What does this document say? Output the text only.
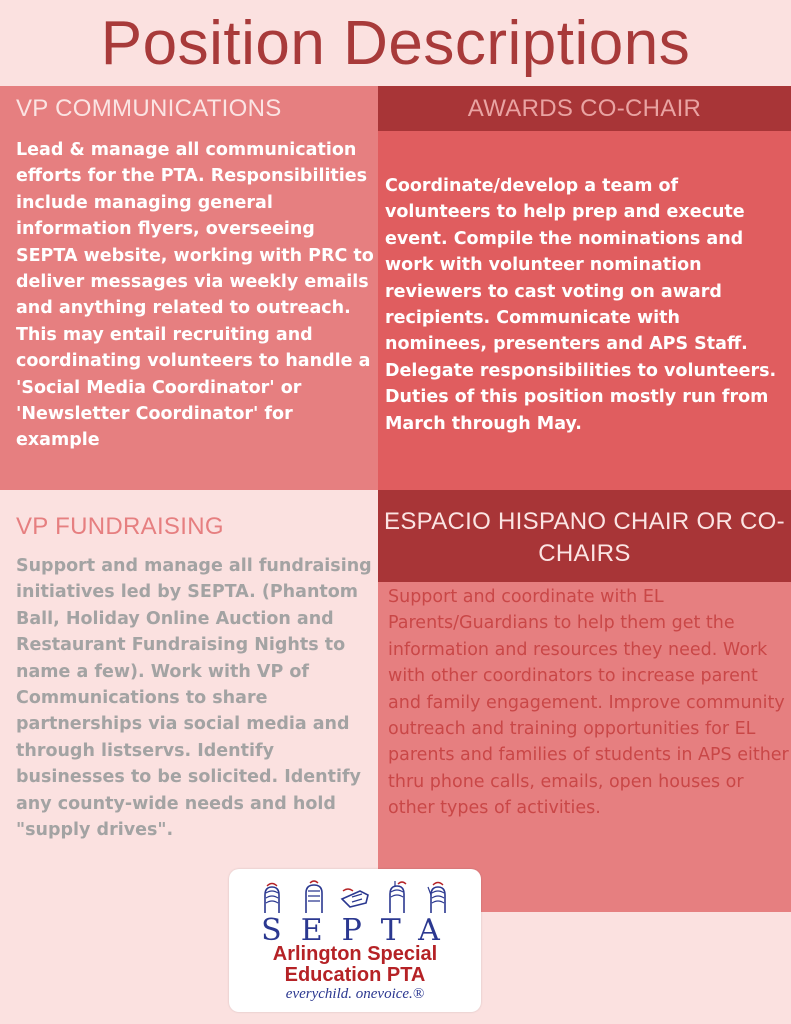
Position Descriptions
VP COMMUNICATIONS
Lead & manage all communication efforts for the PTA. Responsibilities include managing general information flyers, overseeing SEPTA website, working with PRC to deliver messages via weekly emails and anything related to outreach. This may entail recruiting and coordinating volunteers to handle a 'Social Media Coordinator' or 'Newsletter Coordinator' for example
AWARDS CO-CHAIR
Coordinate/develop a team of volunteers to help prep and execute event. Compile the nominations and work with volunteer nomination reviewers to cast voting on award recipients. Communicate with nominees, presenters and APS Staff. Delegate responsibilities to volunteers. Duties of this position mostly run from March through May.
VP FUNDRAISING
Support and manage all fundraising initiatives led by SEPTA. (Phantom Ball, Holiday Online Auction and Restaurant Fundraising Nights to name a few). Work with VP of Communications to share partnerships via social media and through listservs. Identify businesses to be solicited. Identify any county-wide needs and hold "supply drives".
ESPACIO HISPANO CHAIR OR CO-CHAIRS
Support and coordinate with EL Parents/Guardians to help them get the information and resources they need. Work with other coordinators to increase parent and family engagement. Improve community outreach and training opportunities for EL parents and families of students in APS either thru phone calls, emails, open houses or other types of activities.
SEPTA
Arlington Special
Education PTA
everychild. onevoice.®
